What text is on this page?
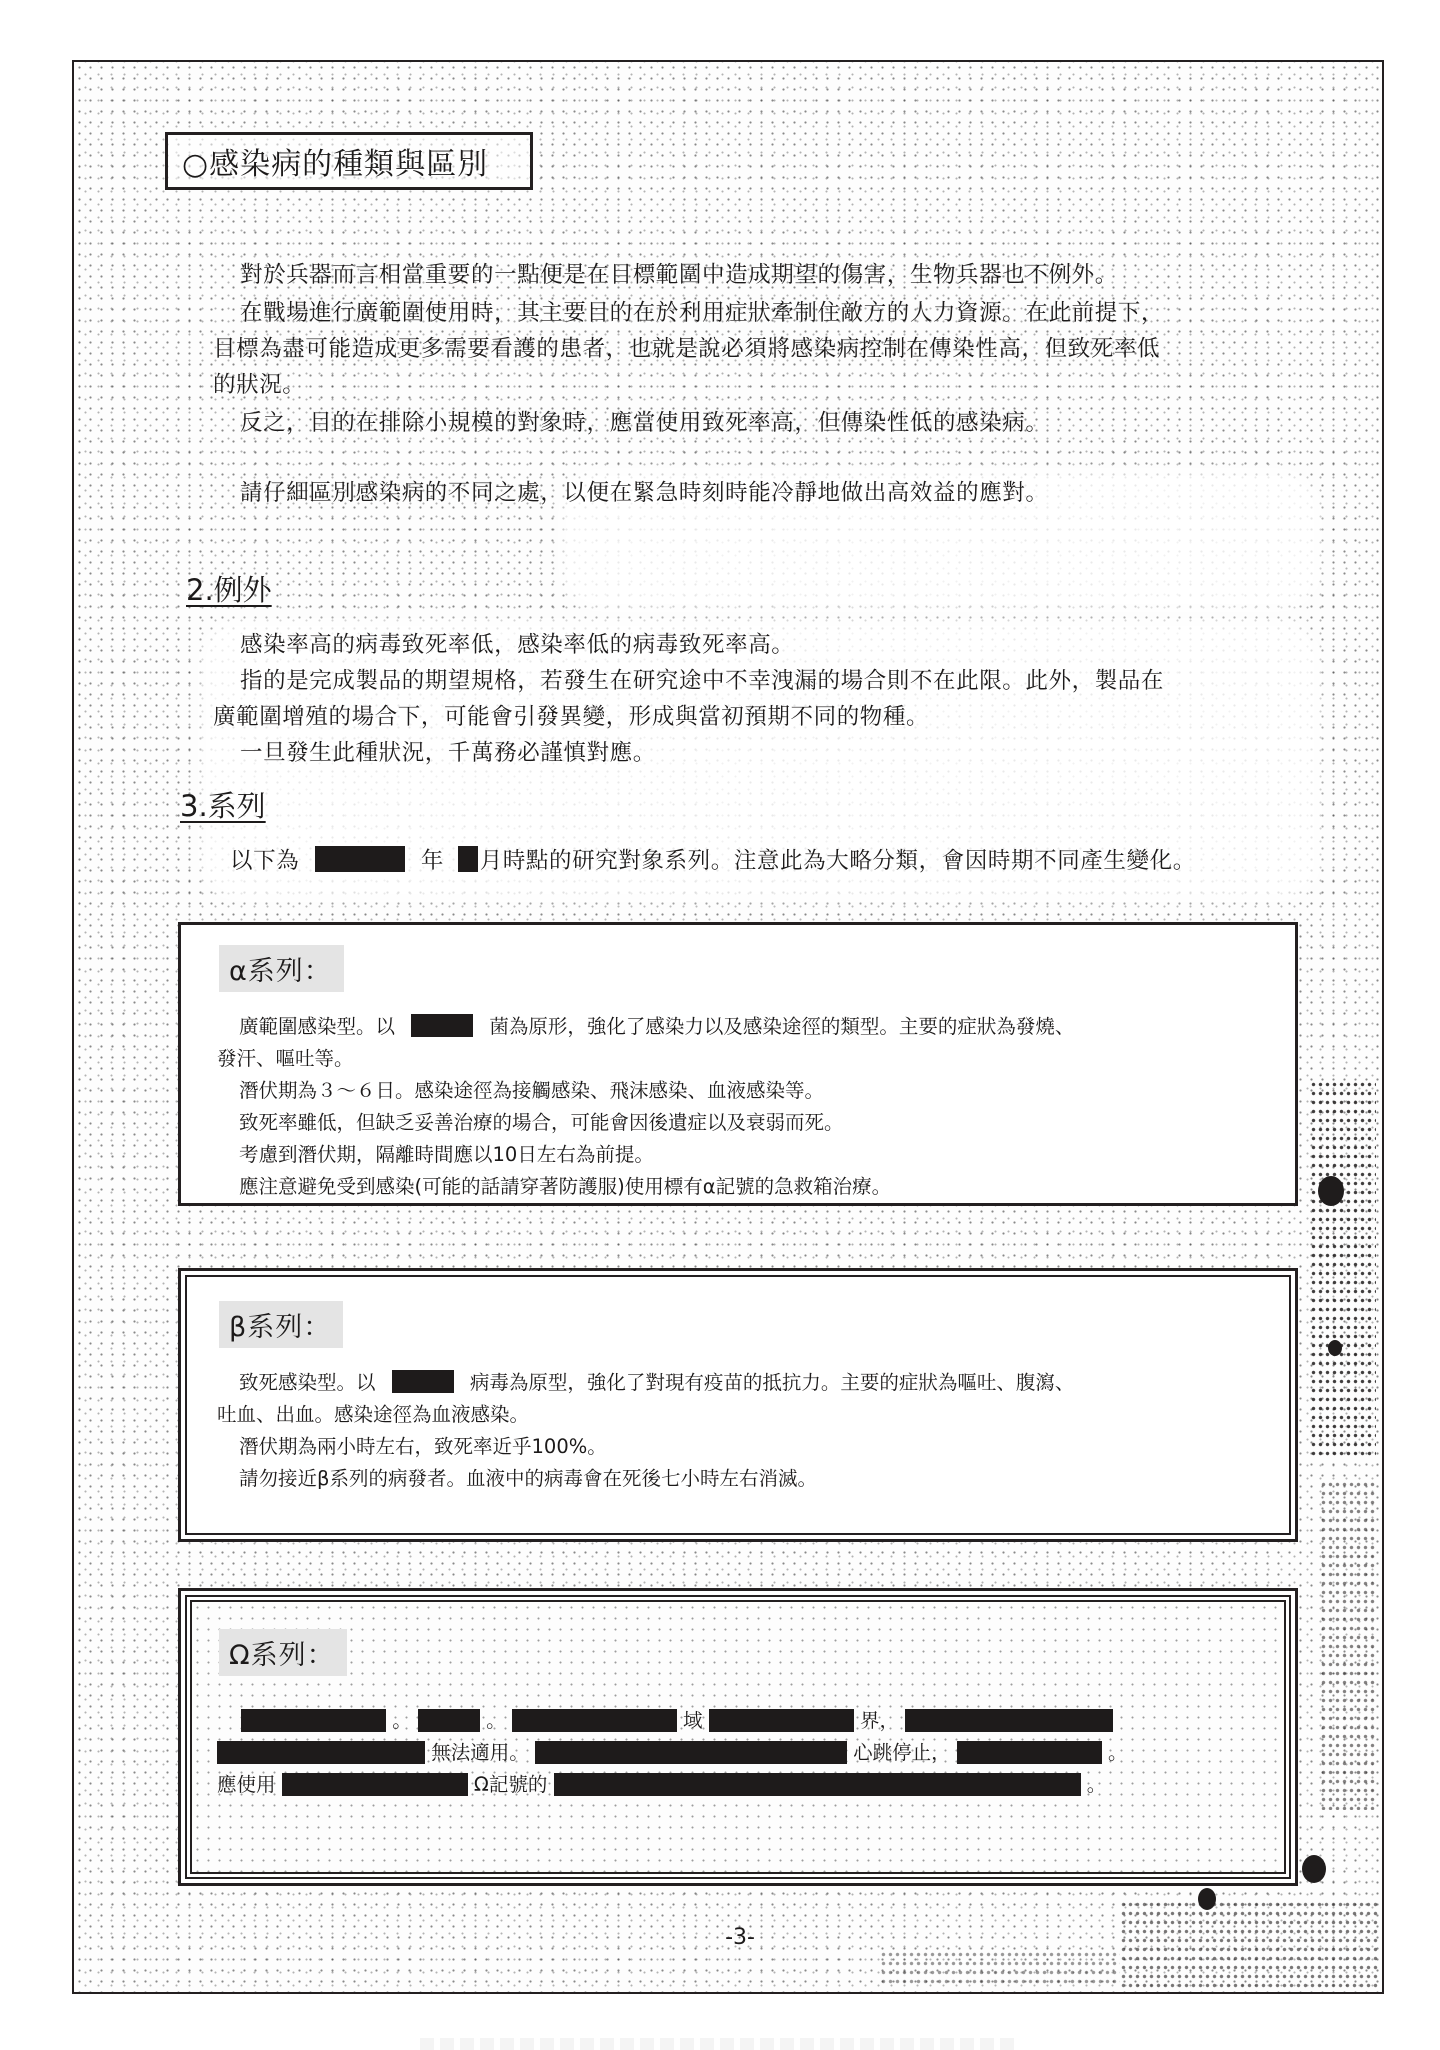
○感染病的種類與區別
對於兵器而言相當重要的一點便是在目標範圍中造成期望的傷害，生物兵器也不例外。
在戰場進行廣範圍使用時，其主要目的在於利用症狀牽制住敵方的人力資源。在此前提下，
目標為盡可能造成更多需要看護的患者，也就是說必須將感染病控制在傳染性高，但致死率低
的狀況。
反之，目的在排除小規模的對象時，應當使用致死率高，但傳染性低的感染病。
請仔細區別感染病的不同之處，以便在緊急時刻時能冷靜地做出高效益的應對。
2.例外
感染率高的病毒致死率低，感染率低的病毒致死率高。
指的是完成製品的期望規格，若發生在研究途中不幸洩漏的場合則不在此限。此外，製品在
廣範圍增殖的場合下，可能會引發異變，形成與當初預期不同的物種。
一旦發生此種狀況，千萬務必謹慎對應。
3.系列
以下為	年 月時點的研究對象系列。注意此為大略分類，會因時期不同產生變化。
α系列：
廣範圍感染型。以	菌為原形，強化了感染力以及感染途徑的類型。主要的症狀為發燒、
發汗、嘔吐等。
潛伏期為３～６日。感染途徑為接觸感染、飛沫感染、血液感染等。
致死率雖低，但缺乏妥善治療的場合，可能會因後遺症以及衰弱而死。
考慮到潛伏期，隔離時間應以10日左右為前提。
應注意避免受到感染(可能的話請穿著防護服)使用標有α記號的急救箱治療。
β系列：
致死感染型。以	病毒為原型，強化了對現有疫苗的抵抗力。主要的症狀為嘔吐、腹瀉、
吐血、出血。感染途徑為血液感染。
潛伏期為兩小時左右，致死率近乎100%。
請勿接近β系列的病發者。血液中的病毒會在死後七小時左右消滅。
Ω系列：
。	。	域	界，
無法適用。	心跳停止，	。
應使用	Ω記號的	。
-3-
